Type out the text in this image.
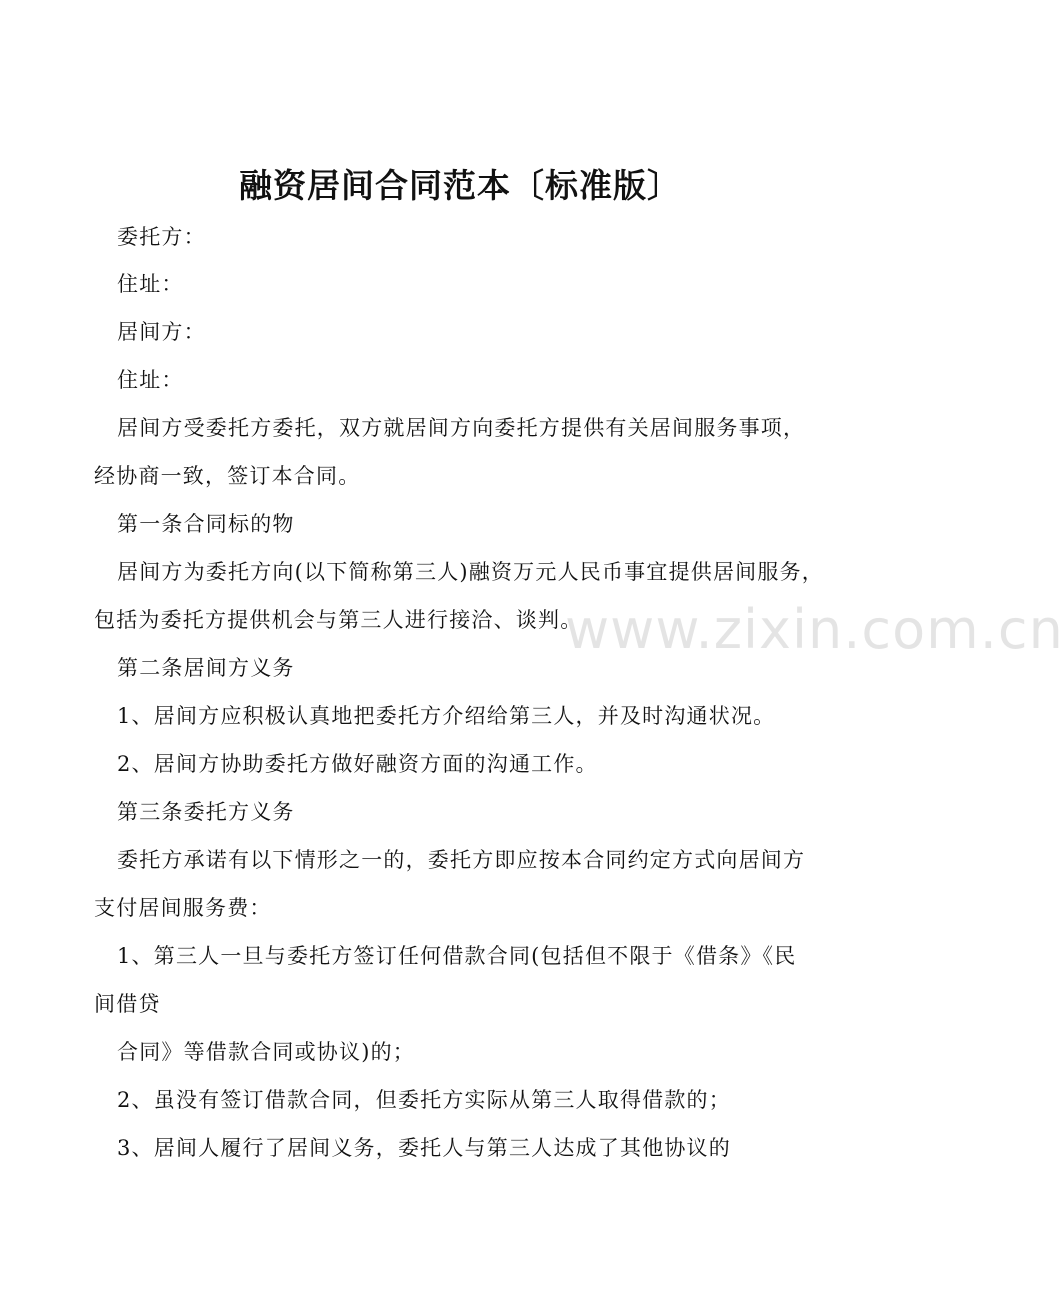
融资居间合同范本〔标准版〕
委托方：
住址：
居间方：
住址：
居间方受委托方委托，双方就居间方向委托方提供有关居间服务事项，
经协商一致，签订本合同。
第一条合同标的物
居间方为委托方向(以下简称第三人)融资万元人民币事宜提供居间服务，
包括为委托方提供机会与第三人进行接洽、谈判。
第二条居间方义务
1、居间方应积极认真地把委托方介绍给第三人，并及时沟通状况。
2、居间方协助委托方做好融资方面的沟通工作。
第三条委托方义务
委托方承诺有以下情形之一的，委托方即应按本合同约定方式向居间方
支付居间服务费：
1、第三人一旦与委托方签订任何借款合同(包括但不限于《借条》《民
间借贷
合同》等借款合同或协议)的；
2、虽没有签订借款合同，但委托方实际从第三人取得借款的；
3、居间人履行了居间义务，委托人与第三人达成了其他协议的
www.zixin.com.cn
